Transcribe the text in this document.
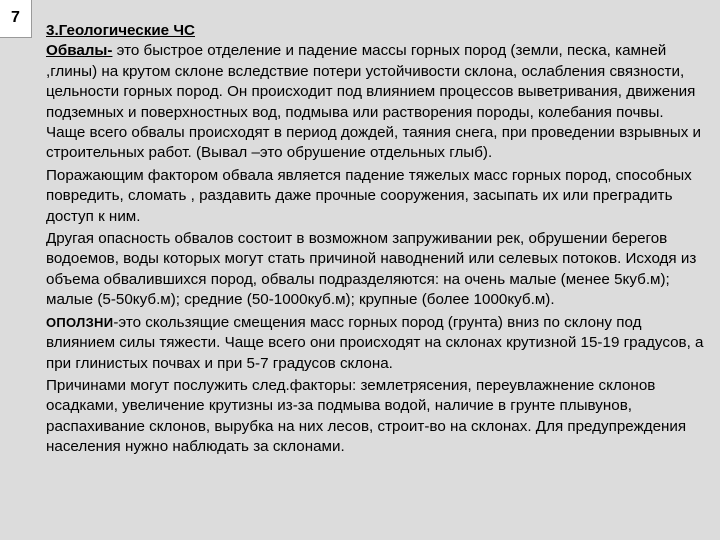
7
3.Геологические ЧС

Обвалы- это быстрое отделение и падение массы горных пород (земли, песка, камней ,глины) на крутом склоне вследствие потери устойчивости склона, ослабления связности, цельности горных пород. Он происходит под влиянием процессов выветривания, движения подземных и поверхностных вод, подмыва или растворения породы, колебания почвы. Чаще всего обвалы происходят в период дождей, таяния снега, при проведении взрывных и строительных работ. (Вывал –это обрушение отдельных глыб).

Поражающим фактором обвала является падение тяжелых масс горных пород, способных повредить, сломать , раздавить даже прочные сооружения, засыпать их или преградить доступ к ним.

Другая опасность обвалов состоит в возможном запруживании рек, обрушении берегов водоемов, воды которых могут стать причиной наводнений или селевых потоков. Исходя из объема обвалившихся пород, обвалы подразделяются: на очень малые (менее 5куб.м); малые (5-50куб.м); средние (50-1000куб.м); крупные (более 1000куб.м).

ОПОЛЗНИ-это скользящие смещения масс горных пород (грунта) вниз по склону под влиянием силы тяжести. Чаще всего они происходят на склонах крутизной 15-19 градусов, а при глинистых почвах и при 5-7 градусов склона.

Причинами могут послужить след.факторы: землетрясения, переувлажнение склонов осадками, увеличение крутизны из-за подмыва водой, наличие в грунте плывунов, распахивание склонов, вырубка на них лесов, строит-во на склонах. Для предупреждения населения нужно наблюдать за склонами.
